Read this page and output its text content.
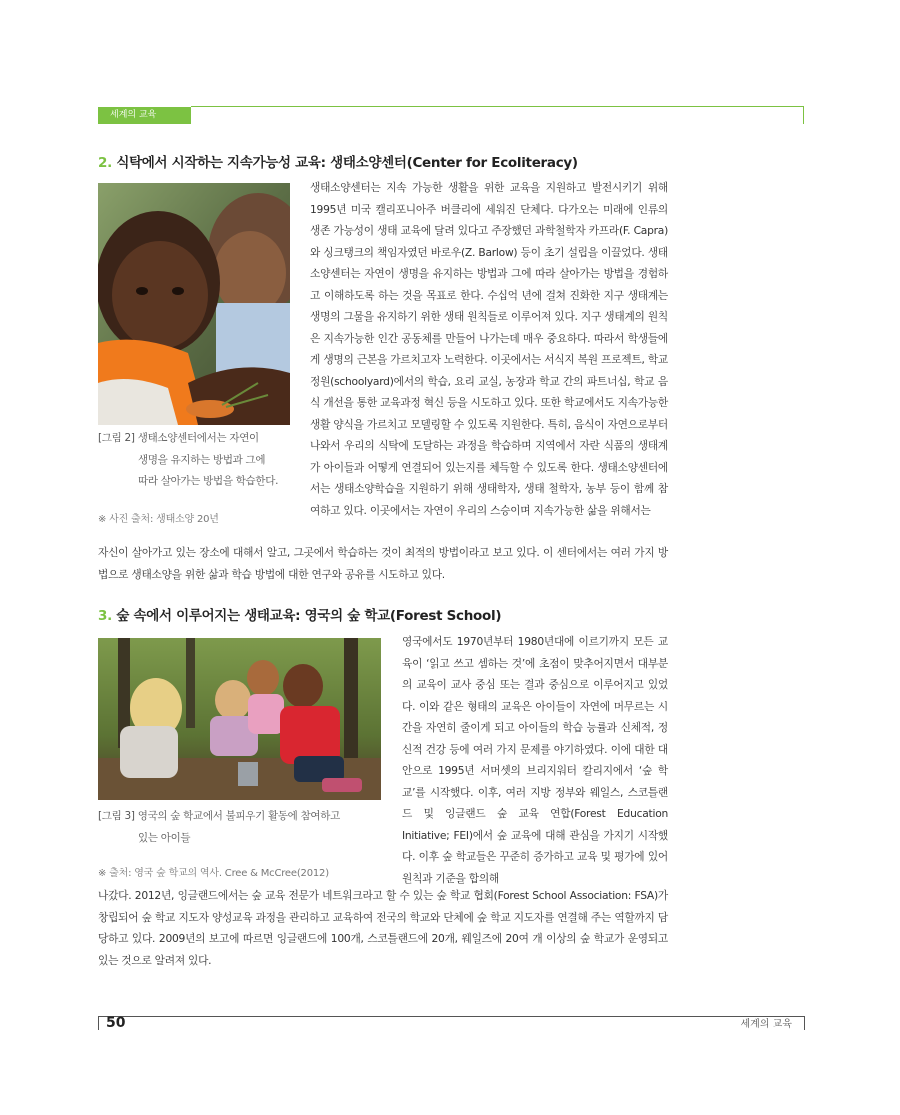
세계의 교육
2. 식탁에서 시작하는 지속가능성 교육: 생태소양센터(Center for Ecoliteracy)

생태소양센터는 지속 가능한 생활을 위한 교육을 지원하고 발전시키기 위해 1995년 미국 캘리포니아주 버클리에 세워진 단체다. 다가오는 미래에 인류의 생존 가능성이 생태 교육에 달려 있다고 주장했던 과학철학자 카프라(F. Capra)와 싱크탱크의 책임자였던 바로우(Z. Barlow) 등이 초기 설립을 이끌었다. 생태소양센터는 자연이 생명을 유지하는 방법과 그에 따라 살아가는 방법을 경험하고 이해하도록 하는 것을 목표로 한다. 수십억 년에 걸쳐 진화한 지구 생태계는 생명의 그물을 유지하기 위한 생태 원칙들로 이루어져 있다. 지구 생태계의 원칙은 지속가능한 인간 공동체를 만들어 나가는데 매우 중요하다. 따라서 학생들에게 생명의 근본을 가르치고자 노력한다. 이곳에서는 서식지 복원 프로젝트, 학교 정원(schoolyard)에서의 학습, 요리 교실, 농장과 학교 간의 파트너십, 학교 음식 개선을 통한 교육과정 혁신 등을 시도하고 있다. 또한 학교에서도 지속가능한 생활 양식을 가르치고 모델링할 수 있도록 지원한다. 특히, 음식이 자연으로부터 나와서 우리의 식탁에 도달하는 과정을 학습하며 지역에서 자란 식품의 생태계가 아이들과 어떻게 연결되어 있는지를 체득할 수 있도록 한다. 생태소양센터에서는 생태소양학습을 지원하기 위해 생태학자, 생태 철학자, 농부 등이 함께 참여하고 있다. 이곳에서는 자연이 우리의 스승이며 지속가능한 삶을 위해서는

[그림 2] 생태소양센터에서는 자연이
생명을 유지하는 방법과 그에
따라 살아가는 방법을 학습한다.
※ 사진 출처: 생태소양 20년

자신이 살아가고 있는 장소에 대해서 알고, 그곳에서 학습하는 것이 최적의 방법이라고 보고 있다. 이 센터에서는 여러 가지 방법으로 생태소양을 위한 삶과 학습 방법에 대한 연구와 공유를 시도하고 있다.

3. 숲 속에서 이루어지는 생태교육: 영국의 숲 학교(Forest School)

영국에서도 1970년부터 1980년대에 이르기까지 모든 교육이 ‘읽고 쓰고 셈하는 것’에 초점이 맞추어지면서 대부분의 교육이 교사 중심 또는 결과 중심으로 이루어지고 있었다. 이와 같은 형태의 교육은 아이들이 자연에 머무르는 시간을 자연히 줄이게 되고 아이들의 학습 능률과 신체적, 정신적 건강 등에 여러 가지 문제를 야기하였다. 이에 대한 대안으로 1995년 서머셋의 브리지워터 칼리지에서 ‘숲 학교’를 시작했다. 이후, 여러 지방 정부와 웨일스, 스코틀랜드 및 잉글랜드 숲 교육 연합(Forest Education Initiative; FEI)에서 숲 교육에 대해 관심을 가지기 시작했다. 이후 숲 학교들은 꾸준히 증가하고 교육 및 평가에 있어 원칙과 기준을 합의해

[그림 3] 영국의 숲 학교에서 불피우기 활동에 참여하고
있는 아이들
※ 출처: 영국 숲 학교의 역사. Cree & McCree(2012)

나갔다. 2012년, 잉글랜드에서는 숲 교육 전문가 네트워크라고 할 수 있는 숲 학교 협회(Forest School Association: FSA)가 창립되어 숲 학교 지도자 양성교육 과정을 관리하고 교육하여 전국의 학교와 단체에 숲 학교 지도자를 연결해 주는 역할까지 담당하고 있다. 2009년의 보고에 따르면 잉글랜드에 100개, 스코틀랜드에 20개, 웨일즈에 20여 개 이상의 숲 학교가 운영되고 있는 것으로 알려져 있다.

50	세계의 교육
